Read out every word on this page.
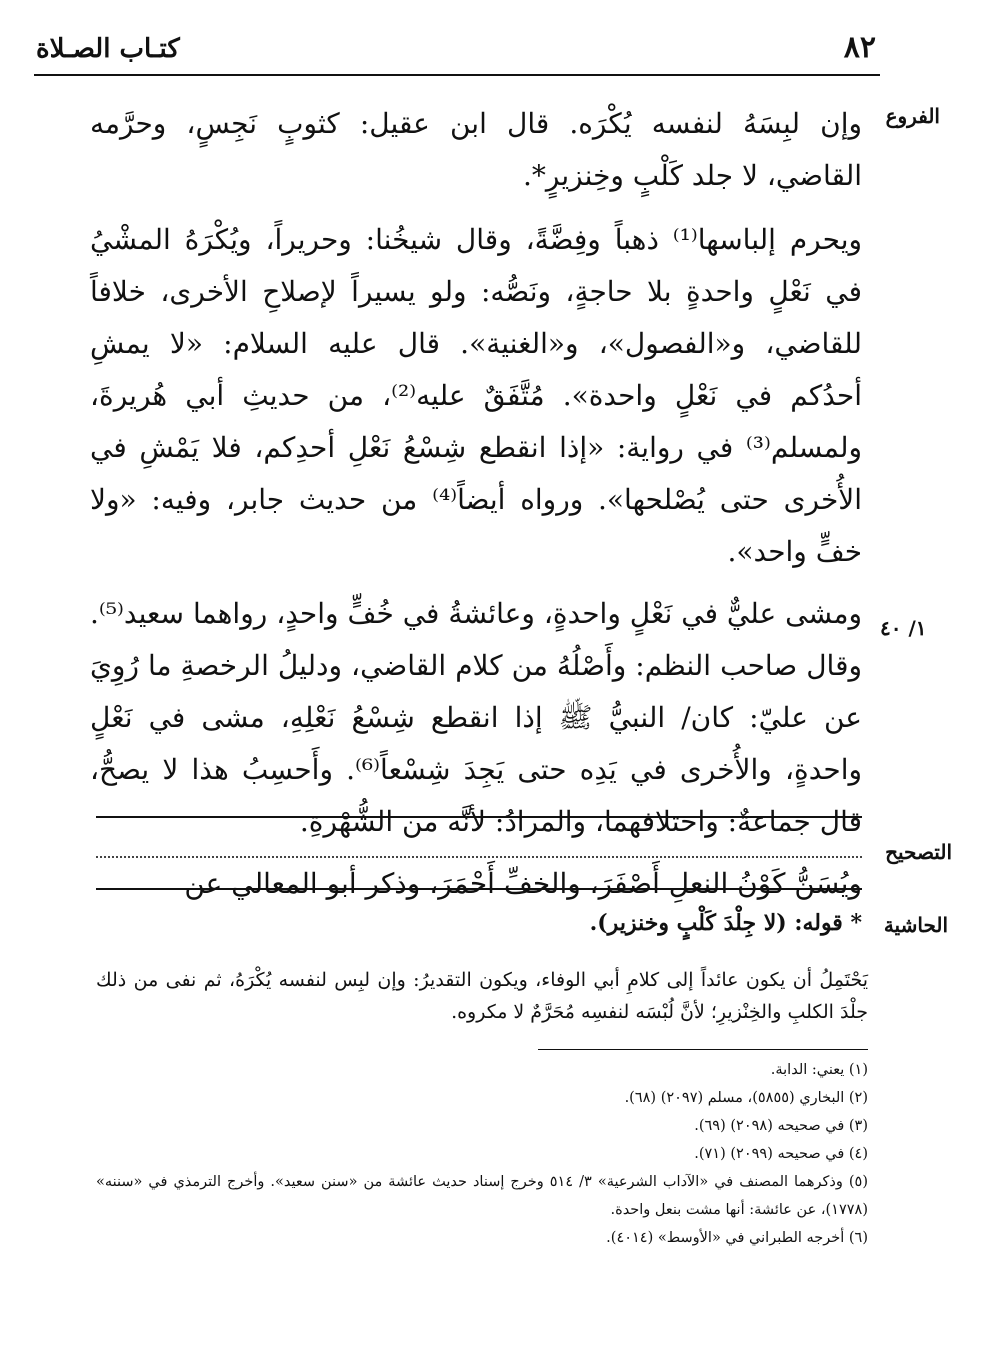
٨٢
كتـاب الصـلاة
الفروع
١/ ٤٠
التصحيح
الحاشية

وإن لبِسَهُ لنفسه يُكْرَه. قال ابن عقيل: كثوبٍ نَجِسٍ، وحرَّمه القاضي، لا جلد كَلْبٍ وخِنزيرٍ*.

ويحرم إلباسها⁽¹⁾ ذهباً وفِضَّةً، وقال شيخُنا: وحريراً، ويُكْرَهُ المشْيُ في نَعْلٍ واحدةٍ بلا حاجةٍ، ونَصُّه: ولو يسيراً لإصلاحِ الأخرى، خلافاً للقاضي، و«الفصول»، و«الغنية». قال عليه السلام: «لا يمشِ أحدُكم في نَعْلٍ واحدة». مُتَّفَقٌ عليه⁽²⁾، من حديثِ أبي هُريرةَ، ولمسلم⁽³⁾ في رواية: «إذا انقطع شِسْعُ نَعْلِ أحدِكم، فلا يَمْشِ في الأُخرى حتى يُصْلحها». ورواه أيضاً⁽⁴⁾ من حديث جابر، وفيه: «ولا خفٍّ واحد».

ومشى عليٌّ في نَعْلٍ واحدةٍ، وعائشةُ في خُفٍّ واحدٍ، رواهما سعيد⁽⁵⁾. وقال صاحب النظم: وأَصْلُهُ من كلام القاضي، ودليلُ الرخصةِ ما رُوِيَ عن عليّ: كان/ النبيُّ ﷺ إذا انقطع شِسْعُ نَعْلِهِ، مشى في نَعْلٍ واحدةٍ، والأُخرى في يَدِه حتى يَجِدَ شِسْعاً⁽⁶⁾. وأَحسِبُ هذا لا يصحُّ، قال جماعةٌ: واختلافهما، والمرادُ: لأنَّه من الشُّهْرةِ.

ويُسَنُّ كَوْنُ النعلِ أَصْفَرَ، والخفِّ أَحْمَرَ، وذكر أبو المعالي عن

* قوله: (لا جِلْدَ كَلْبٍ وخنزير).
يَحْتَمِلُ أن يكون عائداً إلى كلامِ أبي الوفاء، ويكون التقديرُ: وإن لبِس لنفسه يُكْرَهُ، ثم نفى من ذلك جلْدَ الكلبِ والخِنْزيرِ؛ لأنَّ لُبْسَه لنفسِه مُحَرَّمٌ لا مكروه.
(١) يعني: الدابة.
(٢) البخاري (٥٨٥٥)، مسلم (٢٠٩٧) (٦٨).
(٣) في صحيحه (٢٠٩٨) (٦٩).
(٤) في صحيحه (٢٠٩٩) (٧١).
(٥) وذكرهما المصنف في «الآداب الشرعية» ٣/ ٥١٤ وخرج إسناد حديث عائشة من «سنن سعيد». وأخرج الترمذي في «سننه» (١٧٧٨)، عن عائشة: أنها مشت بنعل واحدة.
(٦) أخرجه الطبراني في «الأوسط» (٤٠١٤).
